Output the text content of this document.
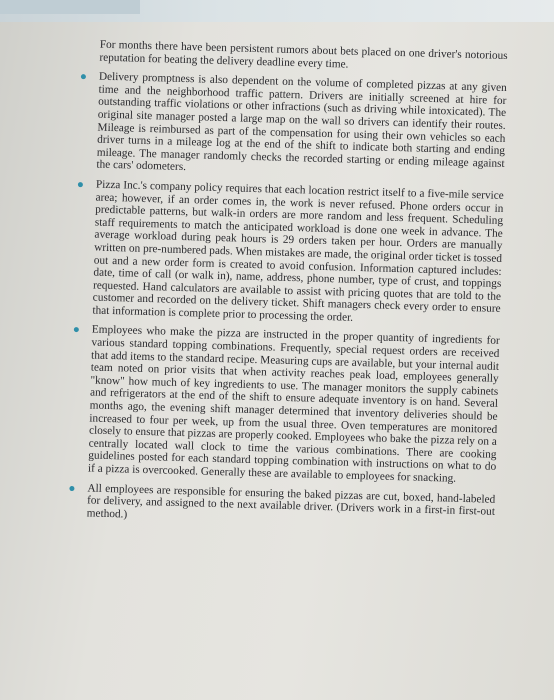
For months there have been persistent rumors about bets placed on one driver's notorious reputation for beating the delivery deadline every time.

Delivery promptness is also dependent on the volume of completed pizzas at any given time and the neighborhood traffic pattern. Drivers are initially screened at hire for outstanding traffic violations or other infractions (such as driving while intoxicated). The original site manager posted a large map on the wall so drivers can identify their routes. Mileage is reimbursed as part of the compensation for using their own vehicles so each driver turns in a mileage log at the end of the shift to indicate both starting and ending mileage. The manager randomly checks the recorded starting or ending mileage against the cars' odometers.
Pizza Inc.'s company policy requires that each location restrict itself to a five-mile service area; however, if an order comes in, the work is never refused. Phone orders occur in predictable patterns, but walk-in orders are more random and less frequent. Scheduling staff requirements to match the anticipated workload is done one week in advance. The average workload during peak hours is 29 orders taken per hour. Orders are manually written on pre-numbered pads. When mistakes are made, the original order ticket is tossed out and a new order form is created to avoid confusion. Information captured includes: date, time of call (or walk in), name, address, phone number, type of crust, and toppings requested. Hand calculators are available to assist with pricing quotes that are told to the customer and recorded on the delivery ticket. Shift managers check every order to ensure that information is complete prior to processing the order.
Employees who make the pizza are instructed in the proper quantity of ingredients for various standard topping combinations. Frequently, special request orders are received that add items to the standard recipe. Measuring cups are available, but your internal audit team noted on prior visits that when activity reaches peak load, employees generally "know" how much of key ingredients to use. The manager monitors the supply cabinets and refrigerators at the end of the shift to ensure adequate inventory is on hand. Several months ago, the evening shift manager determined that inventory deliveries should be increased to four per week, up from the usual three. Oven temperatures are monitored closely to ensure that pizzas are properly cooked. Employees who bake the pizza rely on a centrally located wall clock to time the various combinations. There are cooking guidelines posted for each standard topping combination with instructions on what to do if a pizza is overcooked. Generally these are available to employees for snacking.
All employees are responsible for ensuring the baked pizzas are cut, boxed, hand-labeled for delivery, and assigned to the next available driver. (Drivers work in a first-in first-out method.)
